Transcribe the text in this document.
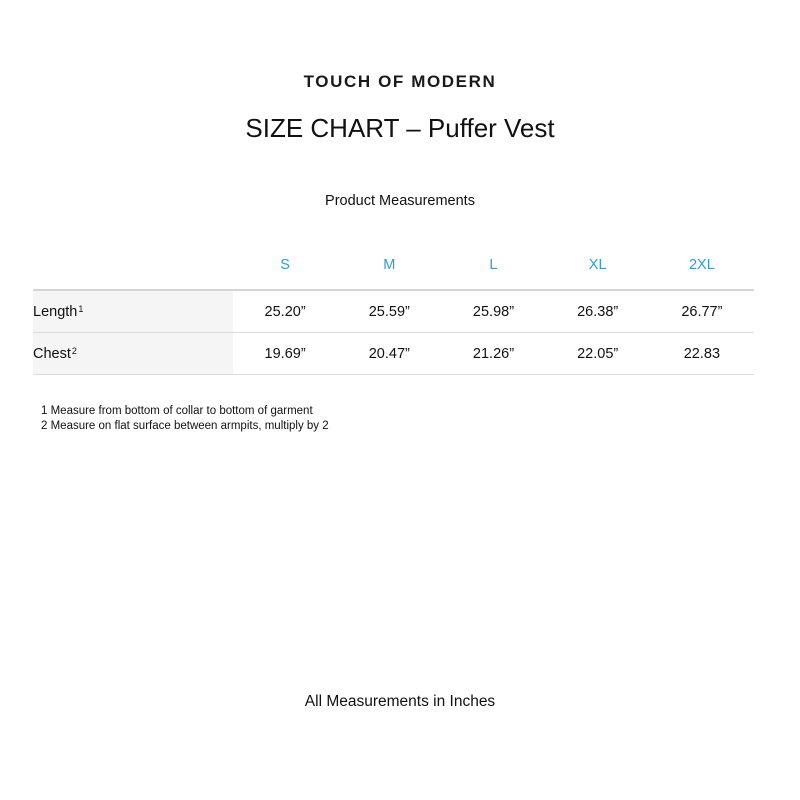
TOUCH OF MODERN
SIZE CHART – Puffer Vest
Product Measurements
	S	M	L	XL	2XL
Length$^1$	25.20”	25.59”	25.98”	26.38”	26.77”
Chest$^2$	19.69”	20.47”	21.26”	22.05”	22.83
1 Measure from bottom of collar to bottom of garment
2 Measure on flat surface between armpits, multiply by 2
All Measurements in Inches
